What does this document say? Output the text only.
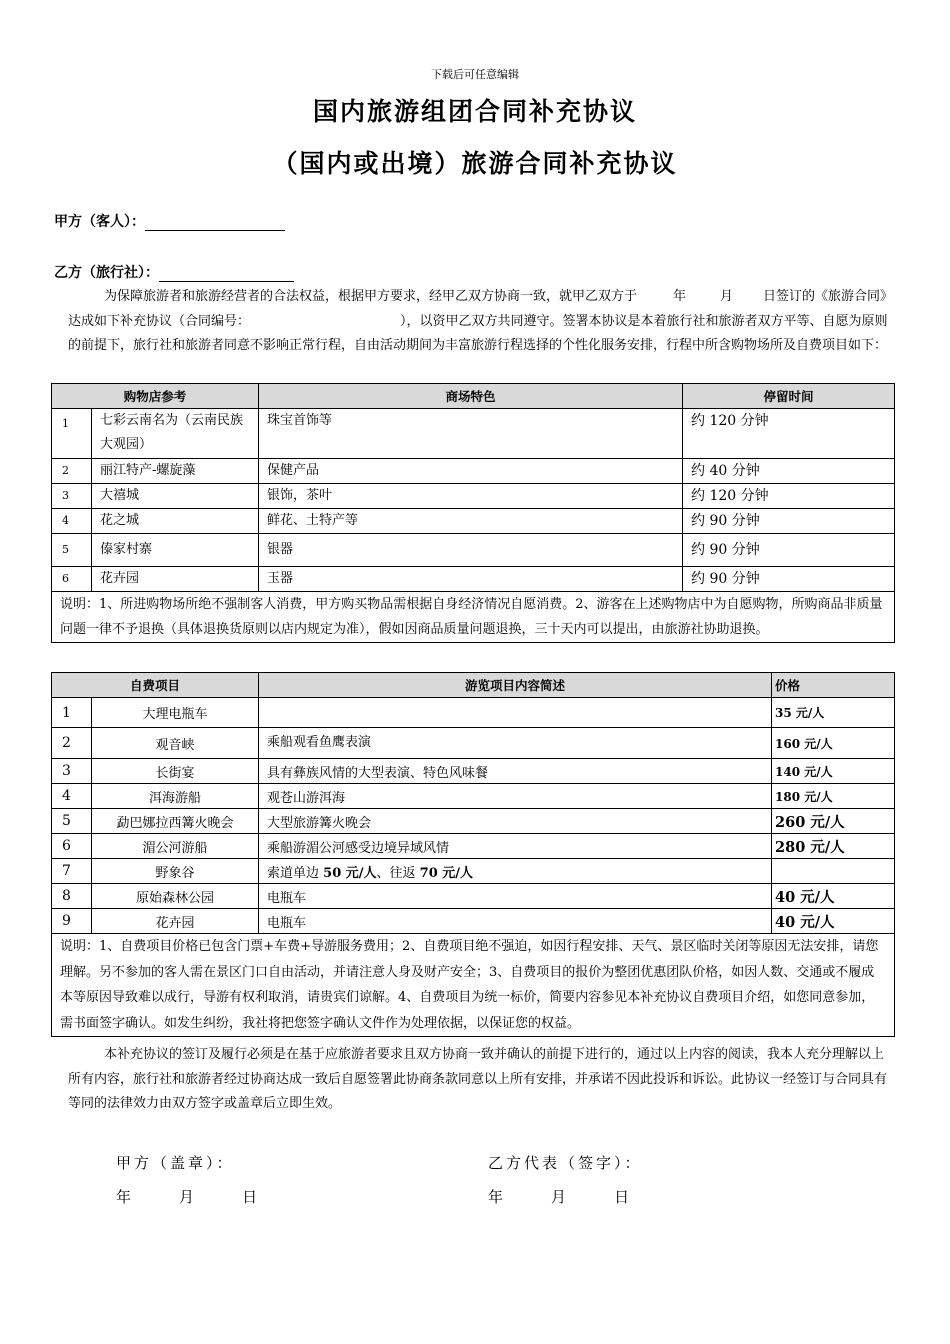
下载后可任意编辑
国内旅游组团合同补充协议
（国内或出境）旅游合同补充协议
甲方（客人）：
乙方（旅行社）：
为保障旅游者和旅游经营者的合法权益，根据甲方要求，经甲乙双方协商一致，就甲乙双方于	年	月 日签订的《旅游合同》达成如下补充协议（合同编号：	），以资甲乙双方共同遵守。签署本协议是本着旅行社和旅游者双方平等、自愿为原则的前提下，旅行社和旅游者同意不影响正常行程，自由活动期间为丰富旅游行程选择的个性化服务安排，行程中所含购物场所及自费项目如下：
购物店参考		商场特色	停留时间
1	七彩云南名为（云南民族大观园）	珠宝首饰等	约 120 分钟
2	丽江特产-螺旋藻	保健产品	约 40 分钟
3	大禧城	银饰，茶叶	约 120 分钟
4	花之城	鲜花、土特产等	约 90 分钟
5	傣家村寨	银器	约 90 分钟
6	花卉园	玉器	约 90 分钟
说明：1、所进购物场所绝不强制客人消费，甲方购买物品需根据自身经济情况自愿消费。2、游客在上述购物店中为自愿购物，所购商品非质量问题一律不予退换（具体退换货原则以店内规定为准），假如因商品质量问题退换，三十天内可以提出，由旅游社协助退换。			
自费项目		游览项目内容简述	价格
1	大理电瓶车		35 元/人
2	观音峡	乘船观看鱼鹰表演	160 元/人
3	长街宴	具有彝族风情的大型表演、特色风味餐	140 元/人
4	洱海游船	观苍山游洱海	180 元/人
5	勐巴娜拉西篝火晚会	大型旅游篝火晚会	260 元/人
6	湄公河游船	乘船游湄公河感受边境异域风情	280 元/人
7	野象谷	索道单边 50 元/人、往返 70 元/人	
8	原始森林公园	电瓶车	40 元/人
9	花卉园	电瓶车	40 元/人
说明：1、自费项目价格已包含门票+车费+导游服务费用；2、自费项目绝不强迫，如因行程安排、天气、景区临时关闭等原因无法安排，请您理解。另不参加的客人需在景区门口自由活动，并请注意人身及财产安全；3、自费项目的报价为整团优惠团队价格，如因人数、交通或不履成本等原因导致难以成行，导游有权利取消，请贵宾们谅解。4、自费项目为统一标价，简要内容参见本补充协议自费项目介绍，如您同意参加，需书面签字确认。如发生纠纷，我社将把您签字确认文件作为处理依据，以保证您的权益。			
本补充协议的签订及履行必须是在基于应旅游者要求且双方协商一致并确认的前提下进行的，通过以上内容的阅读，我本人充分理解以上所有内容，旅行社和旅游者经过协商达成一致后自愿签署此协商条款同意以上所有安排，并承诺不因此投诉和诉讼。此协议一经签订与合同具有等同的法律效力由双方签字或盖章后立即生效。
甲方（盖章）：	乙方代表（签字）：
年  月  日	年  月  日
